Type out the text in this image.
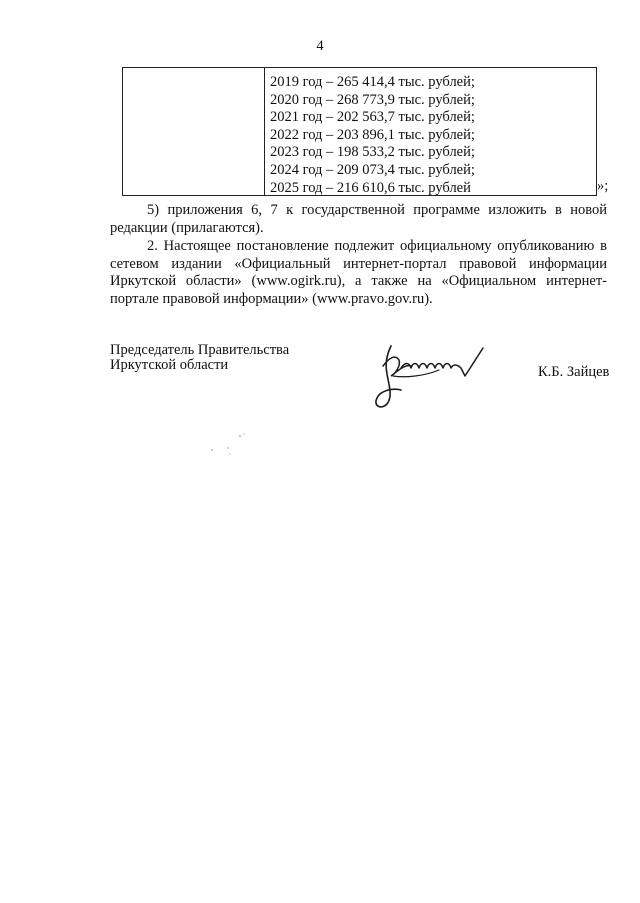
4
2019 год – 265 414,4 тыс. рублей;
2020 год – 268 773,9 тыс. рублей;
2021 год – 202 563,7 тыс. рублей;
2022 год – 203 896,1 тыс. рублей;
2023 год – 198 533,2 тыс. рублей;
2024 год – 209 073,4 тыс. рублей;
2025 год – 216 610,6 тыс. рублей	»;

5) приложения 6, 7 к государственной программе изложить в новой редакции (прилагаются).

2. Настоящее постановление подлежит официальному опубликованию в сетевом издании «Официальный интернет-портал правовой информации Иркутской области» (www.ogirk.ru), а также на «Официальном интернет-портале правовой информации» (www.pravo.gov.ru).

Председатель Правительства
Иркутской области	К.Б. Зайцев
